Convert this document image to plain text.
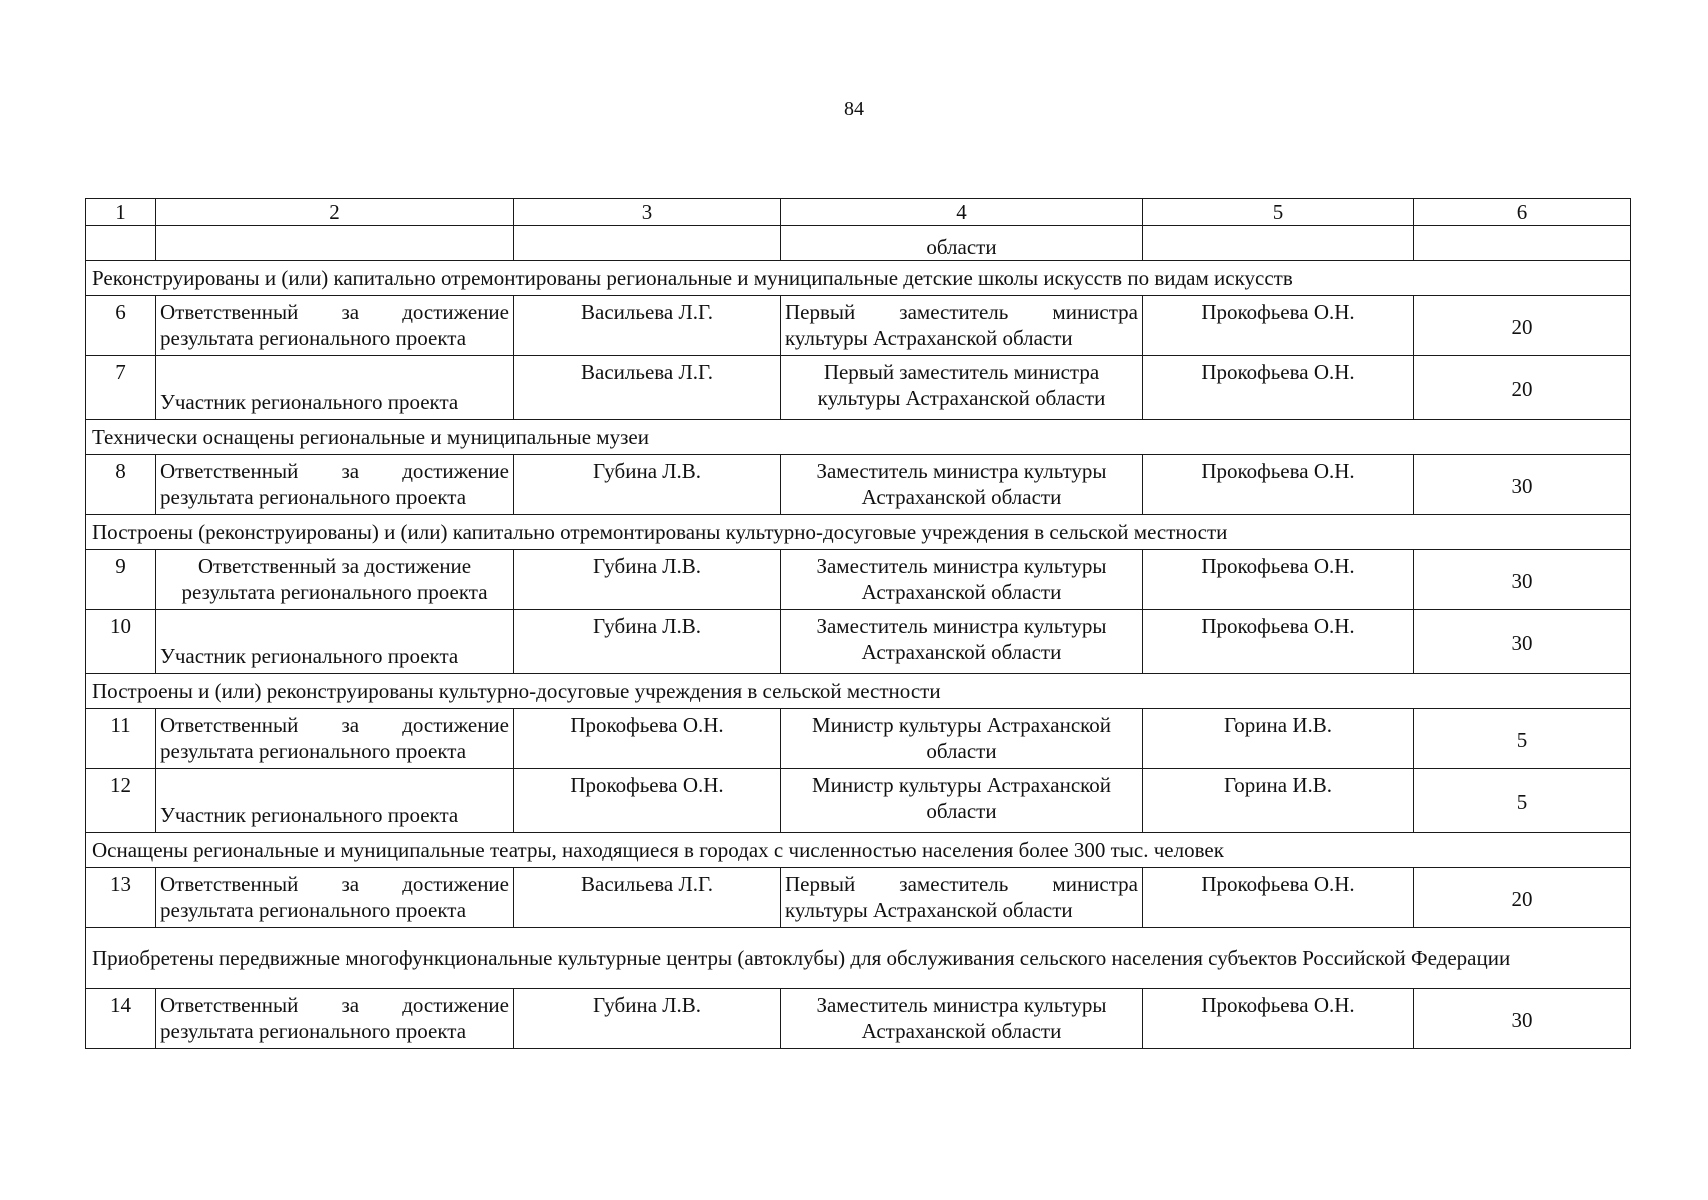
84
1	2	3	4	5	6
			области		
Реконструированы и (или) капитально отремонтированы региональные и муниципальные детские школы искусств по видам искусств					
6	Ответственный за достижение результата регионального проекта	Васильева Л.Г.	Первый заместитель министра культуры Астраханской области	Прокофьева О.Н.	20
7	Участник регионального проекта	Васильева Л.Г.	Первый заместитель министра культуры Астраханской области	Прокофьева О.Н.	20
Технически оснащены региональные и муниципальные музеи					
8	Ответственный за достижение результата регионального проекта	Губина Л.В.	Заместитель министра культуры Астраханской области	Прокофьева О.Н.	30
Построены (реконструированы) и (или) капитально отремонтированы культурно-досуговые учреждения в сельской местности					
9	Ответственный за достижение результата регионального проекта	Губина Л.В.	Заместитель министра культуры Астраханской области	Прокофьева О.Н.	30
10	Участник регионального проекта	Губина Л.В.	Заместитель министра культуры Астраханской области	Прокофьева О.Н.	30
Построены и (или) реконструированы культурно-досуговые учреждения в сельской местности					
11	Ответственный за достижение результата регионального проекта	Прокофьева О.Н.	Министр культуры Астраханской области	Горина И.В.	5
12	Участник регионального проекта	Прокофьева О.Н.	Министр культуры Астраханской области	Горина И.В.	5
Оснащены региональные и муниципальные театры, находящиеся в городах с численностью населения более 300 тыс. человек					
13	Ответственный за достижение результата регионального проекта	Васильева Л.Г.	Первый заместитель министра культуры Астраханской области	Прокофьева О.Н.	20
Приобретены передвижные многофункциональные культурные центры (автоклубы) для обслуживания сельского населения субъектов Российской Федерации					
14	Ответственный за достижение результата регионального проекта	Губина Л.В.	Заместитель министра культуры Астраханской области	Прокофьева О.Н.	30
